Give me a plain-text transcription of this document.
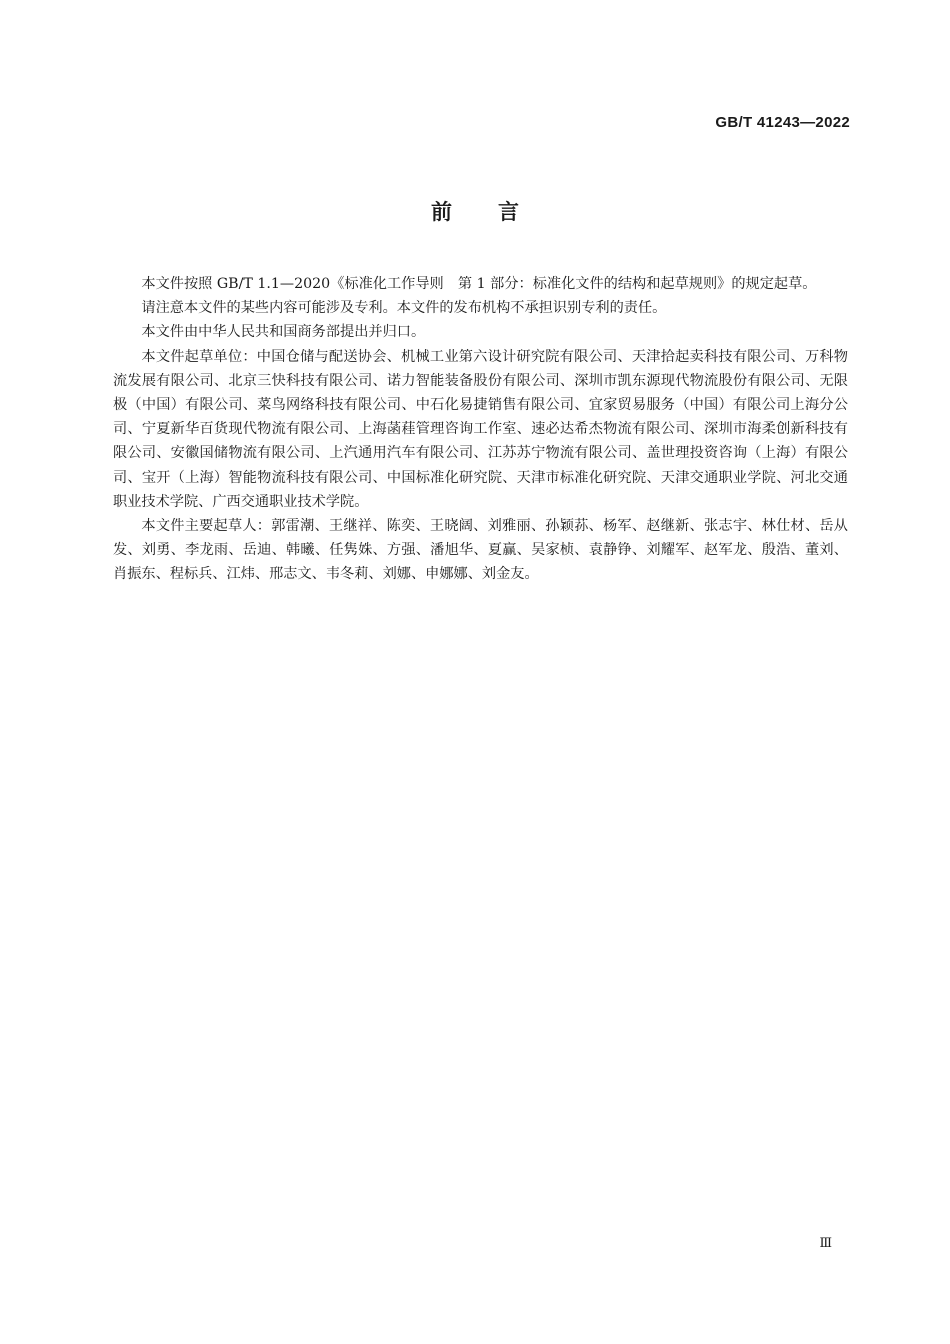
GB/T 41243—2022

前言

本文件按照 GB/T 1.1—2020《标准化工作导则　第 1 部分：标准化文件的结构和起草规则》的规定起草。

请注意本文件的某些内容可能涉及专利。本文件的发布机构不承担识别专利的责任。

本文件由中华人民共和国商务部提出并归口。

本文件起草单位：中国仓储与配送协会、机械工业第六设计研究院有限公司、天津拾起卖科技有限公司、万科物流发展有限公司、北京三快科技有限公司、诺力智能装备股份有限公司、深圳市凯东源现代物流股份有限公司、无限极（中国）有限公司、菜鸟网络科技有限公司、中石化易捷销售有限公司、宜家贸易服务（中国）有限公司上海分公司、宁夏新华百货现代物流有限公司、上海菡蓕管理咨询工作室、速必达希杰物流有限公司、深圳市海柔创新科技有限公司、安徽国储物流有限公司、上汽通用汽车有限公司、江苏苏宁物流有限公司、盖世理投资咨询（上海）有限公司、宝开（上海）智能物流科技有限公司、中国标准化研究院、天津市标准化研究院、天津交通职业学院、河北交通职业技术学院、广西交通职业技术学院。

本文件主要起草人：郭雷潮、王继祥、陈奕、王晓阔、刘雅丽、孙颖荪、杨军、赵继新、张志宇、林仕材、岳从发、刘勇、李龙雨、岳迪、韩曦、任隽姝、方强、潘旭华、夏赢、吴家桢、袁静铮、刘耀军、赵军龙、殷浩、董刘、肖振东、程标兵、江炜、邢志文、韦冬莉、刘娜、申娜娜、刘金友。

Ⅲ
